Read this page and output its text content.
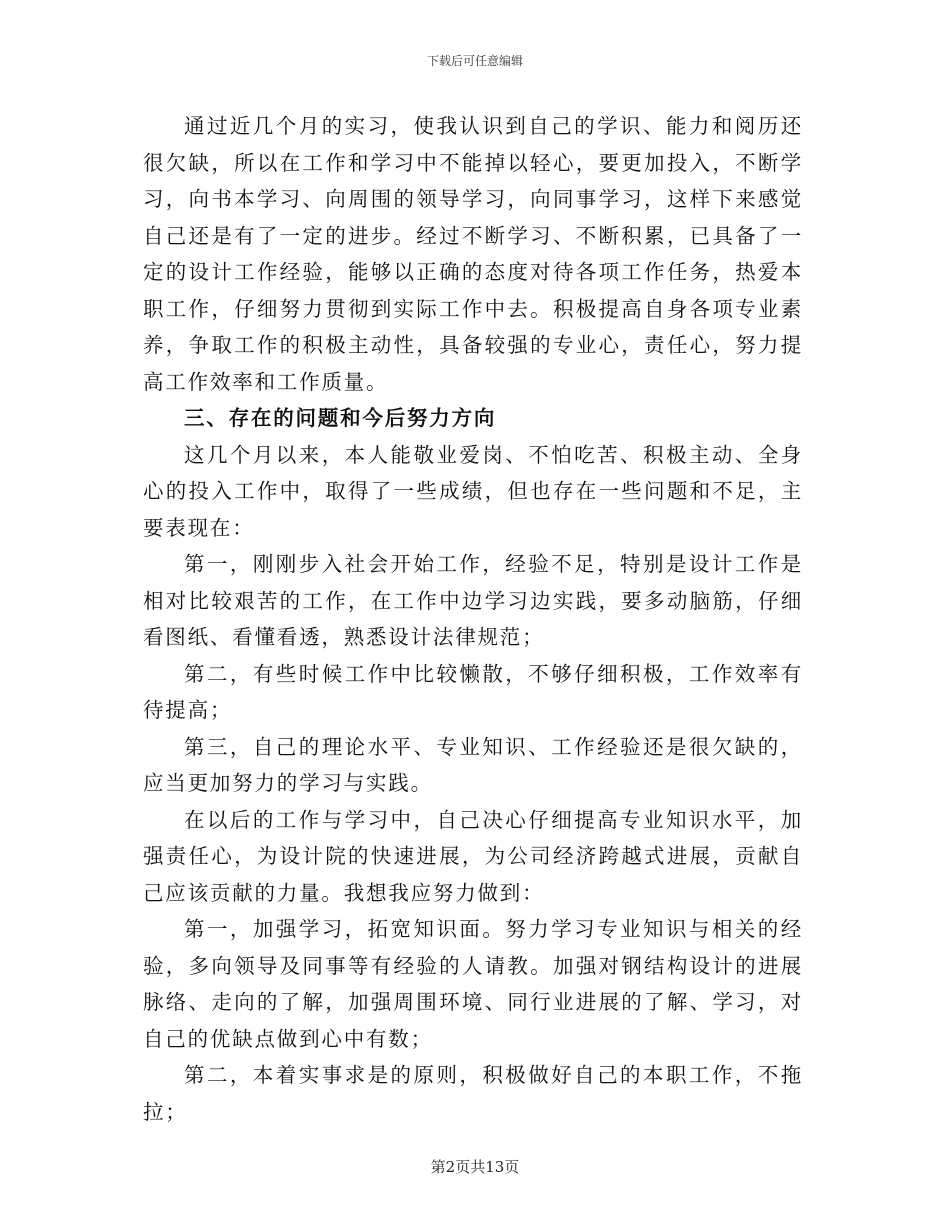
下载后可任意编辑

通过近几个月的实习，使我认识到自己的学识、能力和阅历还很欠缺，所以在工作和学习中不能掉以轻心，要更加投入，不断学习，向书本学习、向周围的领导学习，向同事学习，这样下来感觉自己还是有了一定的进步。经过不断学习、不断积累，已具备了一定的设计工作经验，能够以正确的态度对待各项工作任务，热爱本职工作，仔细努力贯彻到实际工作中去。积极提高自身各项专业素养，争取工作的积极主动性，具备较强的专业心，责任心，努力提高工作效率和工作质量。

三、存在的问题和今后努力方向

这几个月以来，本人能敬业爱岗、不怕吃苦、积极主动、全身心的投入工作中，取得了一些成绩，但也存在一些问题和不足，主要表现在：

第一，刚刚步入社会开始工作，经验不足，特别是设计工作是相对比较艰苦的工作，在工作中边学习边实践，要多动脑筋，仔细看图纸、看懂看透，熟悉设计法律规范；

第二，有些时候工作中比较懒散，不够仔细积极，工作效率有待提高；

第三，自己的理论水平、专业知识、工作经验还是很欠缺的，应当更加努力的学习与实践。

在以后的工作与学习中，自己决心仔细提高专业知识水平，加强责任心，为设计院的快速进展，为公司经济跨越式进展，贡献自己应该贡献的力量。我想我应努力做到：

第一，加强学习，拓宽知识面。努力学习专业知识与相关的经验，多向领导及同事等有经验的人请教。加强对钢结构设计的进展脉络、走向的了解，加强周围环境、同行业进展的了解、学习，对自己的优缺点做到心中有数；

第二，本着实事求是的原则，积极做好自己的本职工作，不拖拉；

第2页共13页
